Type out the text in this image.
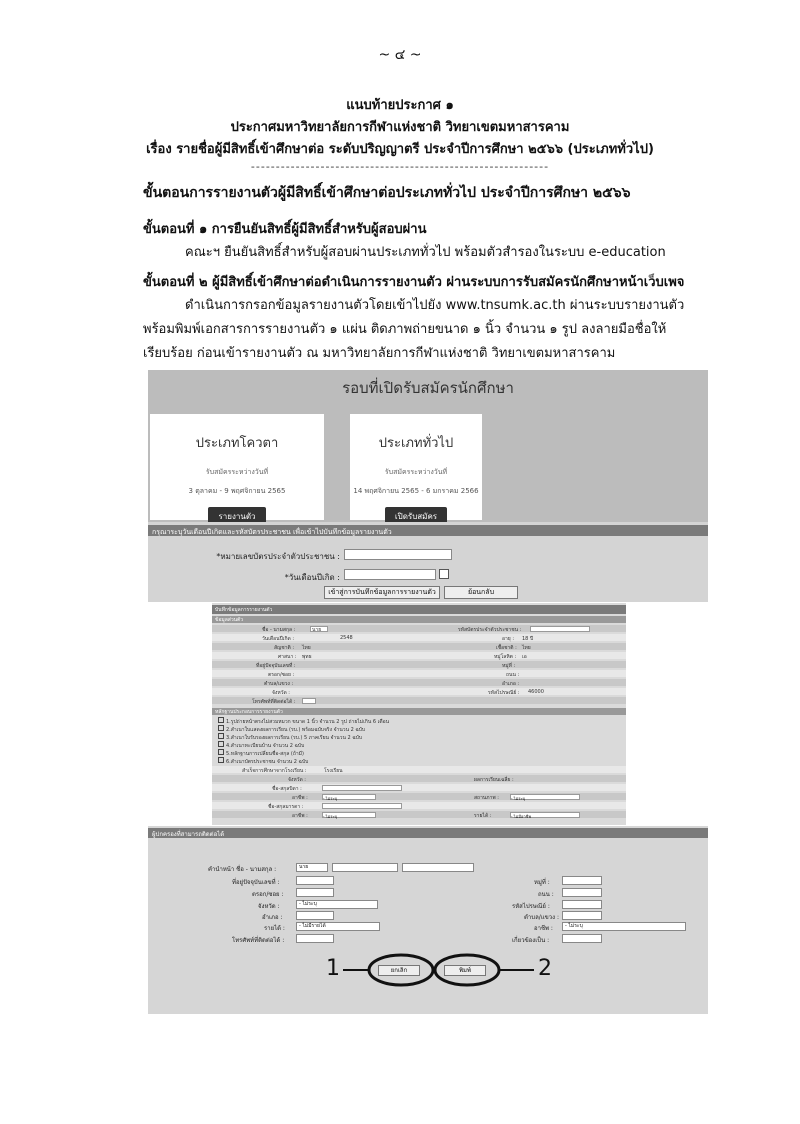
~ ๔ ~
แนบท้ายประกาศ ๑
ประกาศมหาวิทยาลัยการกีฬาแห่งชาติ วิทยาเขตมหาสารคาม
เรื่อง รายชื่อผู้มีสิทธิ์เข้าศึกษาต่อ ระดับปริญญาตรี ประจำปีการศึกษา ๒๕๖๖ (ประเภททั่วไป)
------------------------------------------------------------
ขั้นตอนการรายงานตัวผู้มีสิทธิ์เข้าศึกษาต่อประเภททั่วไป ประจำปีการศึกษา ๒๕๖๖
ขั้นตอนที่ ๑ การยืนยันสิทธิ์ผู้มีสิทธิ์สำหรับผู้สอบผ่าน
คณะฯ ยืนยันสิทธิ์สำหรับผู้สอบผ่านประเภททั่วไป พร้อมตัวสำรองในระบบ e-education
ขั้นตอนที่ ๒ ผู้มีสิทธิ์เข้าศึกษาต่อดำเนินการรายงานตัว ผ่านระบบการรับสมัครนักศึกษาหน้าเว็บเพจ
ดำเนินการกรอกข้อมูลรายงานตัวโดยเข้าไปยัง www.tnsumk.ac.th ผ่านระบบรายงานตัว
พร้อมพิมพ์เอกสารการรายงานตัว ๑ แผ่น ติดภาพถ่ายขนาด ๑ นิ้ว จำนวน ๑ รูป ลงลายมือชื่อให้
เรียบร้อย ก่อนเข้ารายงานตัว ณ มหาวิทยาลัยการกีฬาแห่งชาติ วิทยาเขตมหาสารคาม
รอบที่เปิดรับสมัครนักศึกษา
ประเภทโควตา
รับสมัครระหว่างวันที่
3 ตุลาคม - 9 พฤศจิกายน 2565
รายงานตัว
ประเภททั่วไป
รับสมัครระหว่างวันที่
14 พฤศจิกายน 2565 - 6 มกราคม 2566
เปิดรับสมัคร
กรุณาระบุวันเดือนปีเกิดและรหัสบัตรประชาชน เพื่อเข้าไปบันทึกข้อมูลรายงานตัว
*หมายเลขบัตรประจำตัวประชาชน :
*วันเดือนปีเกิด :
เข้าสู่การบันทึกข้อมูลการรายงานตัว	ย้อนกลับ
บันทึกข้อมูลการรายงานตัว
ข้อมูลส่วนตัว
ชื่อ - นามสกุล :	นาย	รหัสบัตรประจำตัวประชาชน :
วันเดือนปีเกิด :	2548	อายุ : 18 ปี
สัญชาติ : ไทย	เชื้อชาติ : ไทย
ศาสนา : พุทธ	หมู่โลหิต : เอ
ที่อยู่ปัจจุบันเลขที่ :	หมู่ที่ :
ตรอก/ซอย :	ถนน :
ตำบล/แขวง :	อำเภอ :
จังหวัด :	รหัสไปรษณีย์ : 46000
โทรศัพท์ที่ติดต่อได้ :
หลักฐานประกอบการรายงานตัว
1.รูปถ่ายหน้าตรงไม่สวมหมวก ขนาด 1 นิ้ว จำนวน 2 รูป ถ่ายไม่เกิน 6 เดือน
2.สำเนาใบแสดงผลการเรียน (รบ.) พร้อมฉบับจริง จำนวน 2 ฉบับ
3.สำเนาใบรับรองผลการเรียน (รบ.) 5 ภาคเรียน จำนวน 2 ฉบับ
4.สำเนาทะเบียนบ้าน จำนวน 2 ฉบับ
5.หลักฐานการเปลี่ยนชื่อ-สกุล (ถ้ามี)
6.สำเนาบัตรประชาชน จำนวน 2 ฉบับ
สำเร็จการศึกษาจากโรงเรียน :	โรงเรียน
จังหวัด :	ผลการเรียนเฉลี่ย :
ชื่อ-สกุลบิดา :
อาชีพ :	- ไม่ระบุ	สถานภาพ :	- ไม่ระบุ
ชื่อ-สกุลมารดา :
อาชีพ :	- ไม่ระบุ	รายได้ :	- ไม่มีอาชีพ
ผู้ปกครองที่สามารถติดต่อได้
คำนำหน้า ชื่อ - นามสกุล :	นาย
ที่อยู่ปัจจุบันเลขที่ :	หมู่ที่ :
ตรอก/ซอย :	ถนน :
จังหวัด :	- ไม่ระบุ	รหัสไปรษณีย์ :
อำเภอ :	ตำบล/แขวง :
รายได้ :	- ไม่มีรายได้	อาชีพ :	- ไม่ระบุ
โทรศัพท์ที่ติดต่อได้ :	เกี่ยวข้องเป็น :
ยกเลิก	พิมพ์
1	2
